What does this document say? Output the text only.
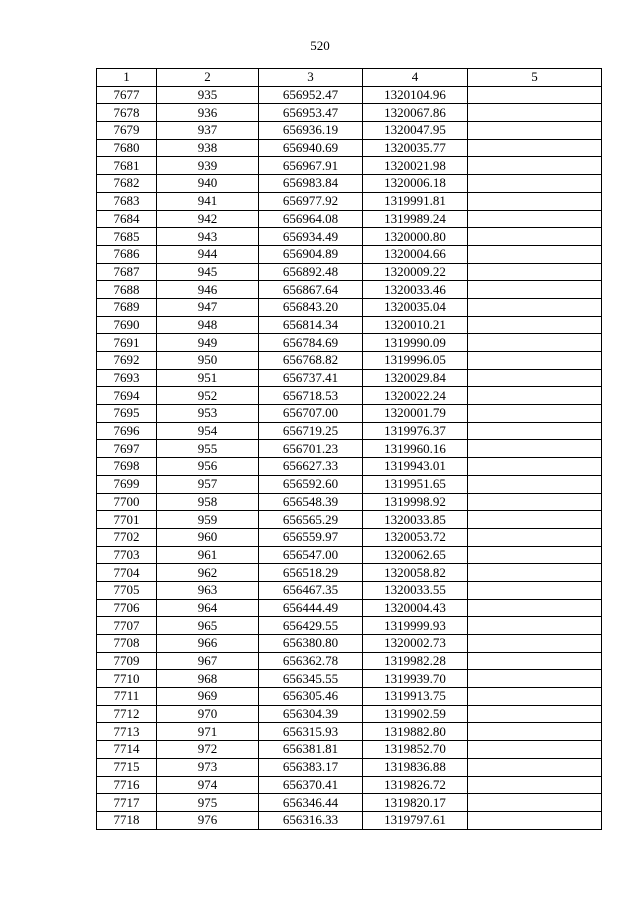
520
1	2	3	4	5
7677	935	656952.47	1320104.96	
7678	936	656953.47	1320067.86	
7679	937	656936.19	1320047.95	
7680	938	656940.69	1320035.77	
7681	939	656967.91	1320021.98	
7682	940	656983.84	1320006.18	
7683	941	656977.92	1319991.81	
7684	942	656964.08	1319989.24	
7685	943	656934.49	1320000.80	
7686	944	656904.89	1320004.66	
7687	945	656892.48	1320009.22	
7688	946	656867.64	1320033.46	
7689	947	656843.20	1320035.04	
7690	948	656814.34	1320010.21	
7691	949	656784.69	1319990.09	
7692	950	656768.82	1319996.05	
7693	951	656737.41	1320029.84	
7694	952	656718.53	1320022.24	
7695	953	656707.00	1320001.79	
7696	954	656719.25	1319976.37	
7697	955	656701.23	1319960.16	
7698	956	656627.33	1319943.01	
7699	957	656592.60	1319951.65	
7700	958	656548.39	1319998.92	
7701	959	656565.29	1320033.85	
7702	960	656559.97	1320053.72	
7703	961	656547.00	1320062.65	
7704	962	656518.29	1320058.82	
7705	963	656467.35	1320033.55	
7706	964	656444.49	1320004.43	
7707	965	656429.55	1319999.93	
7708	966	656380.80	1320002.73	
7709	967	656362.78	1319982.28	
7710	968	656345.55	1319939.70	
7711	969	656305.46	1319913.75	
7712	970	656304.39	1319902.59	
7713	971	656315.93	1319882.80	
7714	972	656381.81	1319852.70	
7715	973	656383.17	1319836.88	
7716	974	656370.41	1319826.72	
7717	975	656346.44	1319820.17	
7718	976	656316.33	1319797.61	
